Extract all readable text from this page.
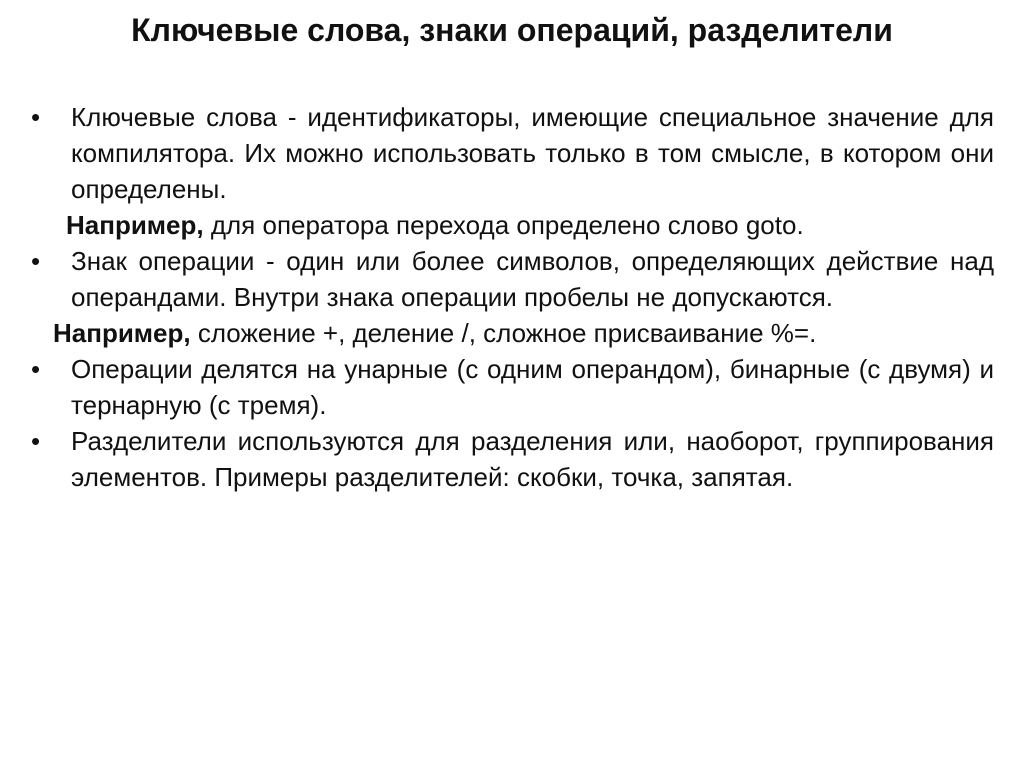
Ключевые слова, знаки операций, разделители
• Ключевые слова - идентификаторы, имеющие специальное значение для компилятора. Их можно использовать только в том смысле, в котором они определены.
Например, для оператора перехода определено слово goto.
• Знак операции - один или более символов, определяющих действие над операндами. Внутри знака операции пробелы не допускаются.
Например, сложение +, деление /, сложное присваивание %=.
• Операции делятся на унарные (с одним операндом), бинарные (с двумя) и тернарную (с тремя).
• Разделители используются для разделения или, наоборот, группирования элементов. Примеры разделителей: скобки, точка, запятая.
